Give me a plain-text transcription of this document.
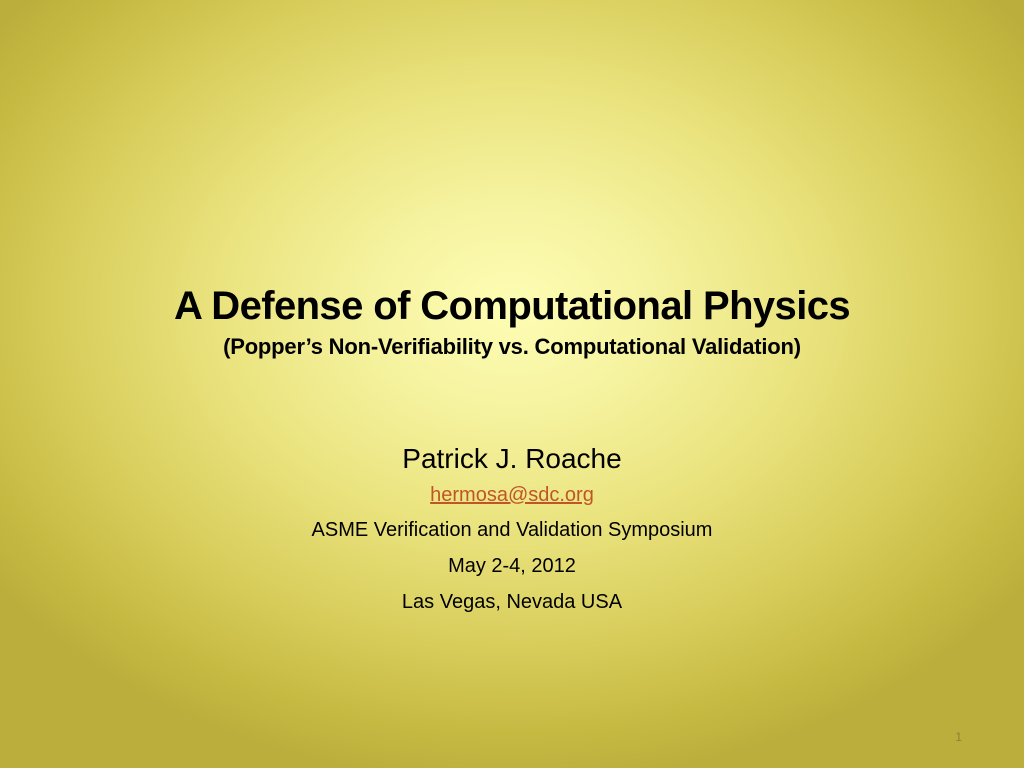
A Defense of Computational Physics
(Popper’s Non-Verifiability vs. Computational Validation)
Patrick J. Roache
hermosa@sdc.org
ASME Verification and Validation Symposium
May 2-4, 2012
Las Vegas, Nevada USA
1
